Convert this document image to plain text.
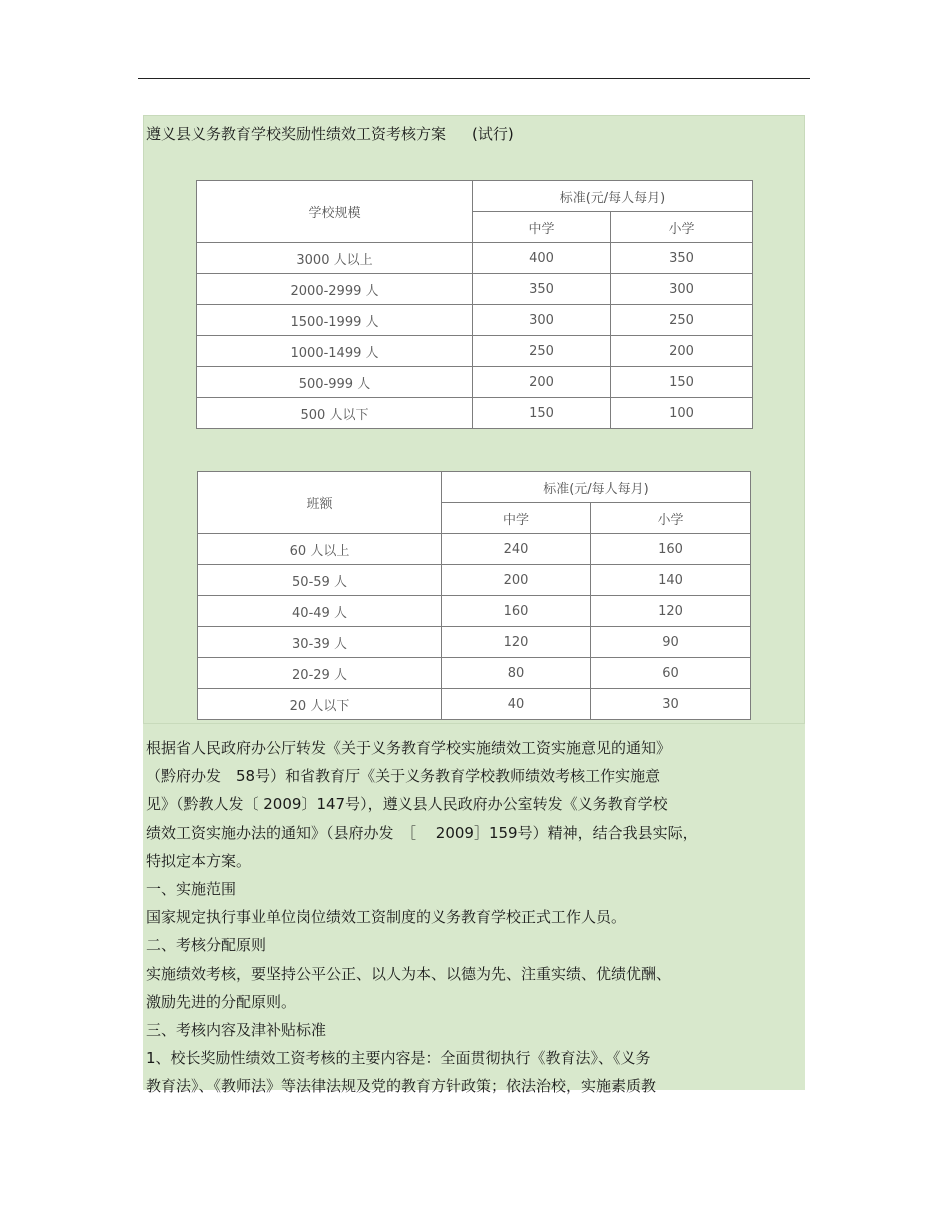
遵义县义务教育学校奖励性绩效工资考核方案 (试行)
学校规模	标准(元/每人每月)	
	中学	小学
3000 人以上	400	350
2000-2999 人	350	300
1500-1999 人	300	250
1000-1499 人	250	200
500-999 人	200	150
500 人以下	150	100
班额	标准(元/每人每月)	
	中学	小学
60 人以上	240	160
50-59 人	200	140
40-49 人	160	120
30-39 人	120	90
20-29 人	80	60
20 人以下	40	30

根据省人民政府办公厅转发《关于义务教育学校实施绩效工资实施意见的通知》

（黔府办发　58号）和省教育厅《关于义务教育学校教师绩效考核工作实施意

见》（黔教人发〔 2009〕147号），遵义县人民政府办公室转发《义务教育学校

绩效工资实施办法的通知》（县府办发　［　 2009］159号）精神，结合我县实际，

特拟定本方案。

一、实施范围

国家规定执行事业单位岗位绩效工资制度的义务教育学校正式工作人员。

二、考核分配原则

实施绩效考核，要坚持公平公正、以人为本、以德为先、注重实绩、优绩优酬、

激励先进的分配原则。

三、考核内容及津补贴标准

1、校长奖励性绩效工资考核的主要内容是：全面贯彻执行《教育法》、《义务

教育法》、《教师法》等法律法规及党的教育方针政策；依法治校，实施素质教
